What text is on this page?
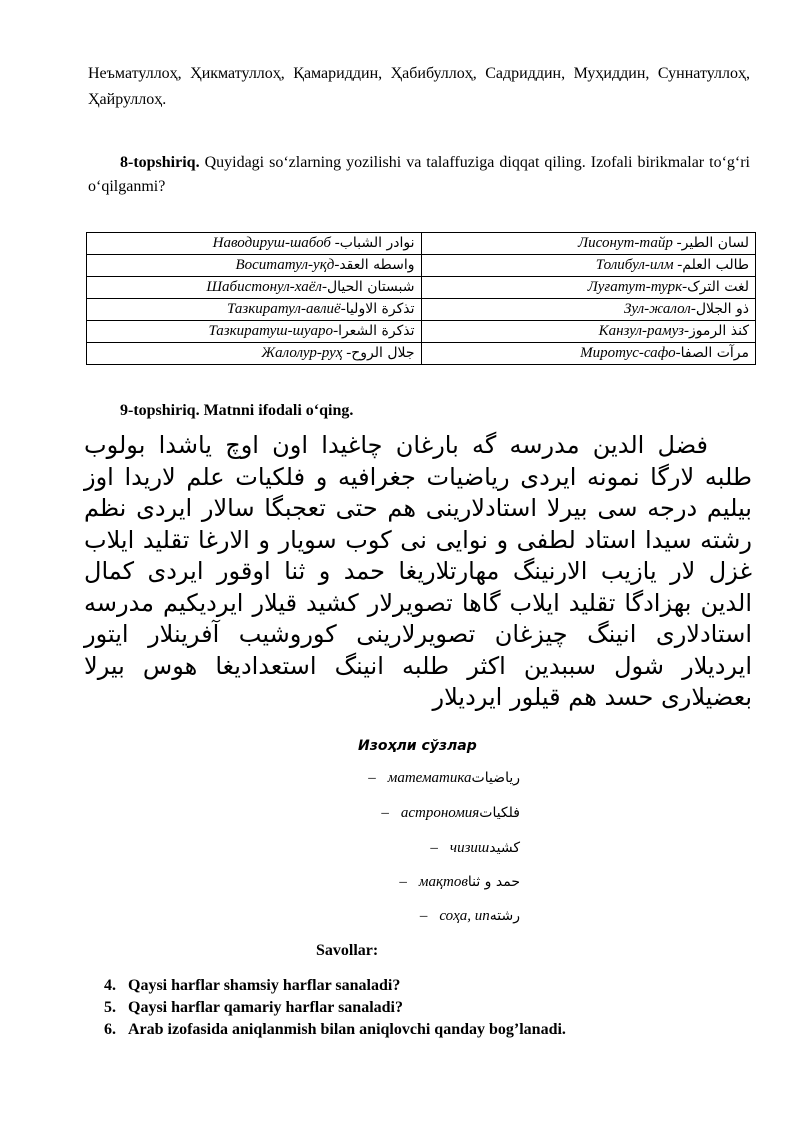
Неъматуллоҳ, Ҳикматуллоҳ, Қамариддин, Ҳабибуллоҳ, Садриддин, Муҳиддин, Суннатуллоҳ, Ҳайруллоҳ.

8-topshiriq. Quyidagi so‘zlarning yozilishi va talaffuziga diqqat qiling. Izofali birikmalar to‘g‘ri o‘qilganmi?

Наводируш-шабоб -نوادر الشباب	Лисонут-тайр -لسان الطير
Воситатул-уқд-واسطه العقد	Толибул-илм -طالب العلم
Шабистонул-хаёл-شبستان الحيال	Луғатут-турк-لغت الترک
Тазкиратул-авлиё-تذكرة الاوليا	Зул-жалол-ذو الجلال
Тазкиратуш-шуаро-تذكرة الشعرا	Канзул-рамуз-كنذ الرموز
Жалолур-руҳ -جلال الروح	Миротус-сафо-مرآت الصفا
9-topshiriq. Matnni ifodali o‘qing.
فضل الدين مدرسه گه بارغان چاغیدا اون اوچ یاشدا بولوب طلبه لارگا نمونه ایردی ریاضیات جغرافیه و فلکیات علم لاریدا اوز بیلیم درجه سی بیرلا استادلارینی هم حتی تعجبگا سالار ایردی نظم رشته سیدا استاد لطفی و نوایی نی کوب سویار و الارغا تقلید ایلاب غزل لار یازیب الارنینگ مهارتلاریغا حمد و ثنا اوقور ایردی کمال الدین بهزادگا تقلید ایلاب گاها تصویرلار کشید قیلار ایردیکیم مدرسه استادلاری انینگ چیزغان تصویرلارینی کوروشیب آفرینلار ایتور ایردیلار شول سببدین اکثر طلبه انینگ استعدادیغا هوس بیرلا بعضیلاری حسد هم قیلور ایردیلار
Изоҳли сўзлар
– математика رياضيات
– астрономия فلكيات
– чизиш كشيد
– мақтов حمد و ثنا
– соҳа, ип رشته
Savollar:
4. Qaysi harflar shamsiy harflar sanaladi?
5. Qaysi harflar qamariy harflar sanaladi?
6. Arab izofasida aniqlanmish bilan aniqlovchi qanday bog’lanadi.
